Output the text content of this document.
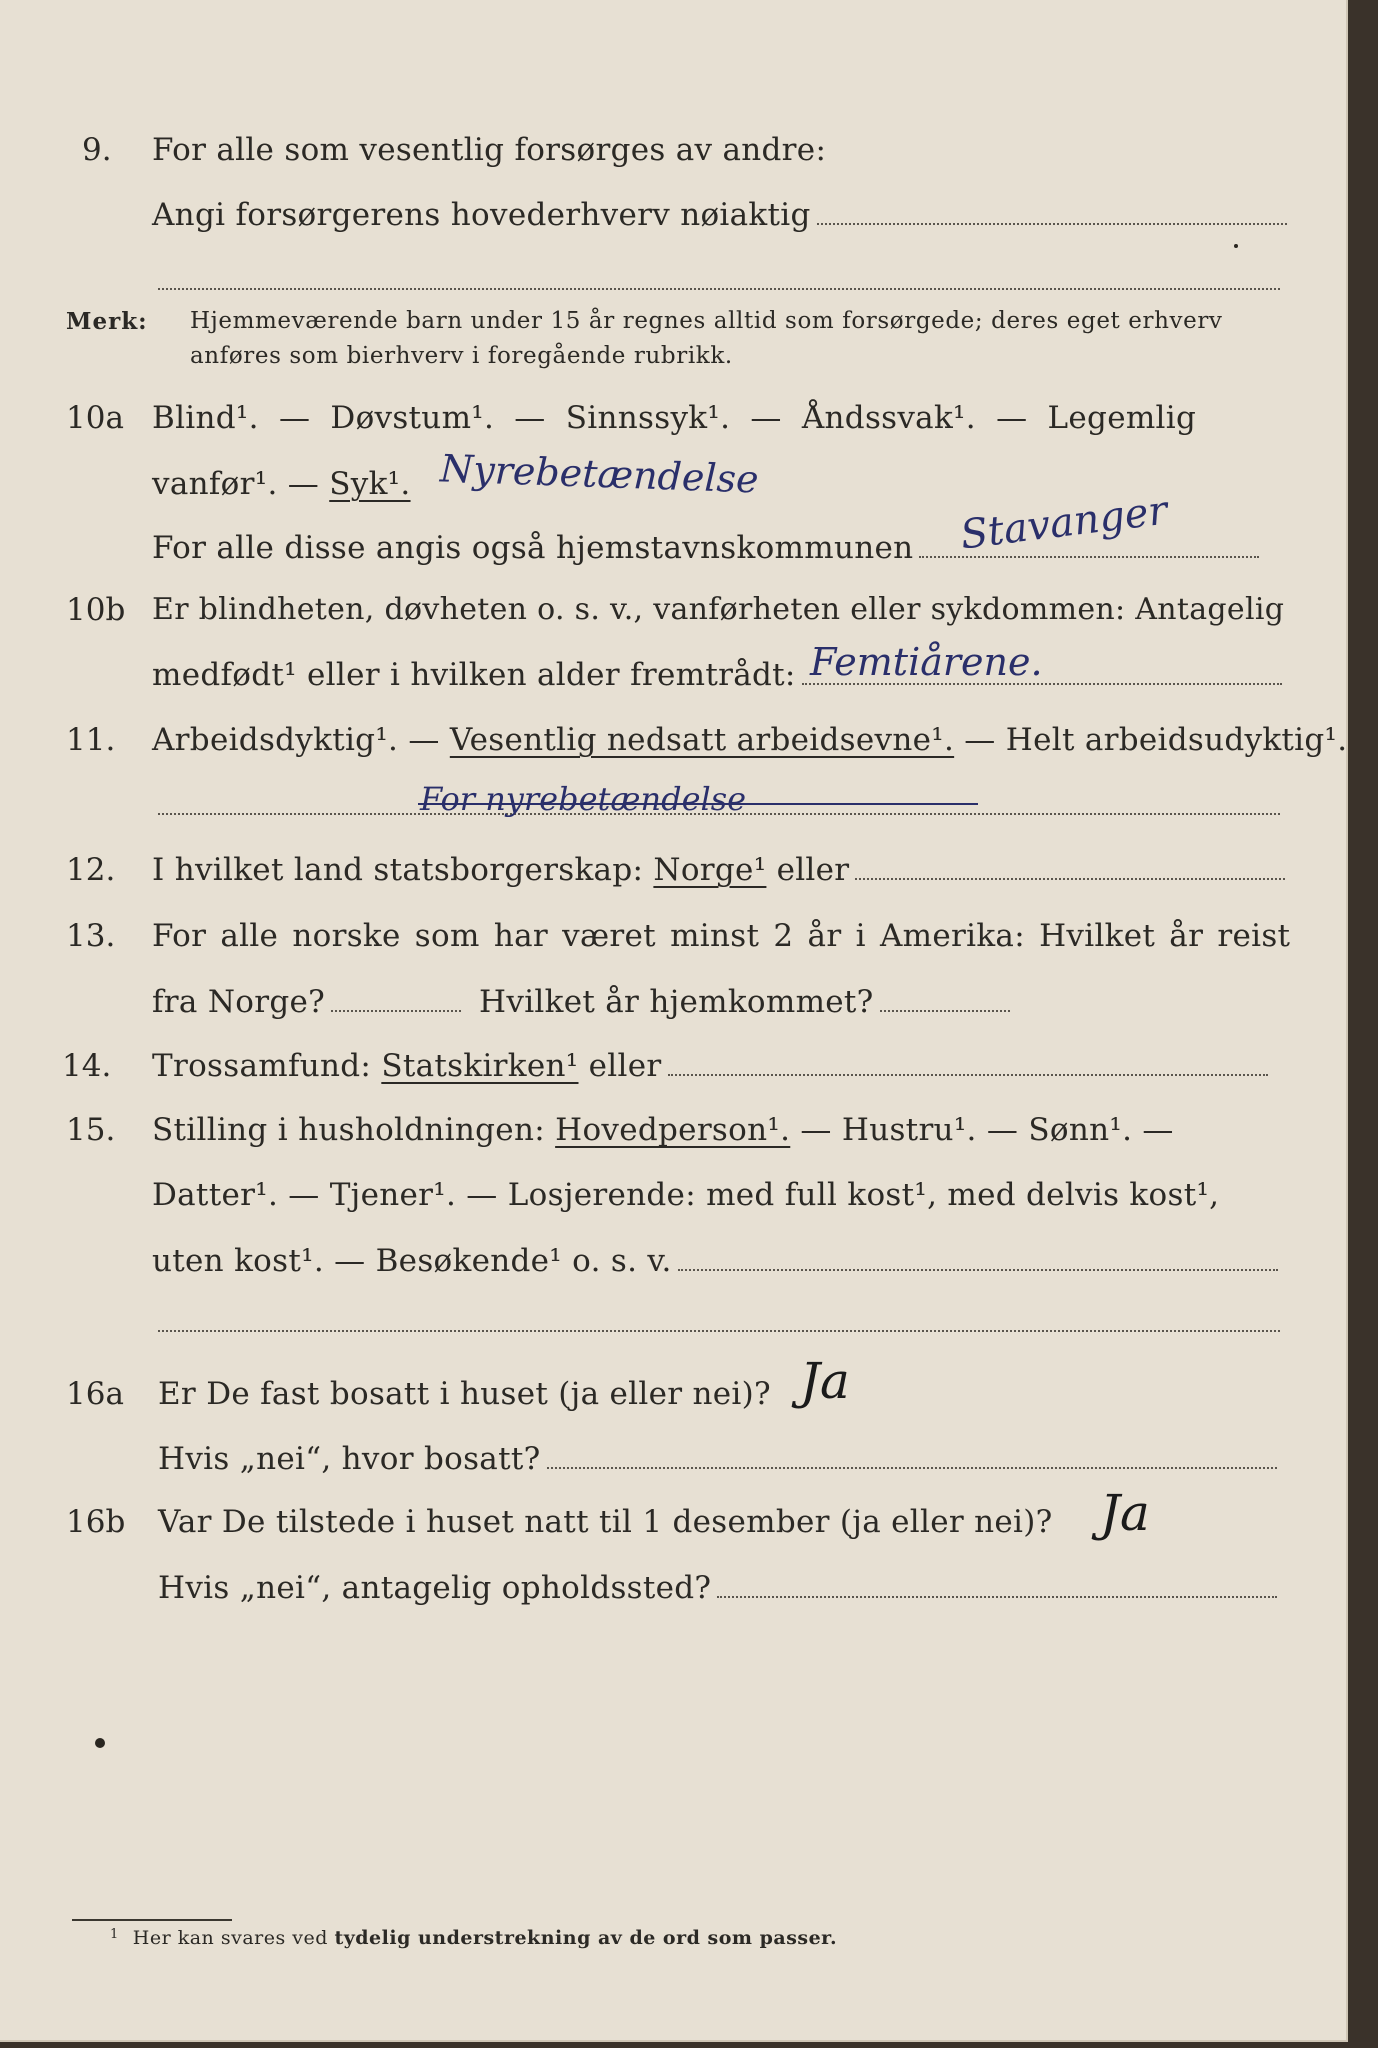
9. For alle som vesentlig forsørges av andre:
Angi forsørgerens hovederhverv nøiaktig
Merk: Hjemmeværende barn under 15 år regnes alltid som forsørgede; deres eget erhverv
anføres som bierhverv i foregående rubrikk.
10a Blind¹. — Døvstum¹. — Sinnssyk¹. — Åndssvak¹. — Legemlig
vanfør¹. — Syk¹. Nyrebetændelse
For alle disse angis også hjemstavnskommunen	Stavanger
10b Er blindheten, døvheten o. s. v., vanførheten eller sykdommen: Antagelig
medfødt¹ eller i hvilken alder fremtrådt: Femtiårene.
11. Arbeidsdyktig¹. — Vesentlig nedsatt arbeidsevne¹. — Helt arbeidsudyktig¹.
For nyrebetændelse
12. I hvilket land statsborgerskap: Norge¹ eller
13. For alle norske som har været minst 2 år i Amerika: Hvilket år reist
fra Norge?	Hvilket år hjemkommet?
14. Trossamfund: Statskirken¹ eller
15. Stilling i husholdningen: Hovedperson¹. — Hustru¹. — Sønn¹. —
Datter¹. — Tjener¹. — Losjerende: med full kost¹, med delvis kost¹,
uten kost¹. — Besøkende¹ o. s. v.
16a Er De fast bosatt i huset (ja eller nei)? Ja
Hvis „nei“, hvor bosatt?
16b Var De tilstede i huset natt til 1 desember (ja eller nei)? Ja
Hvis „nei“, antagelig opholdssted?
$^1$ Her kan svares ved tydelig understrekning av de ord som passer.
